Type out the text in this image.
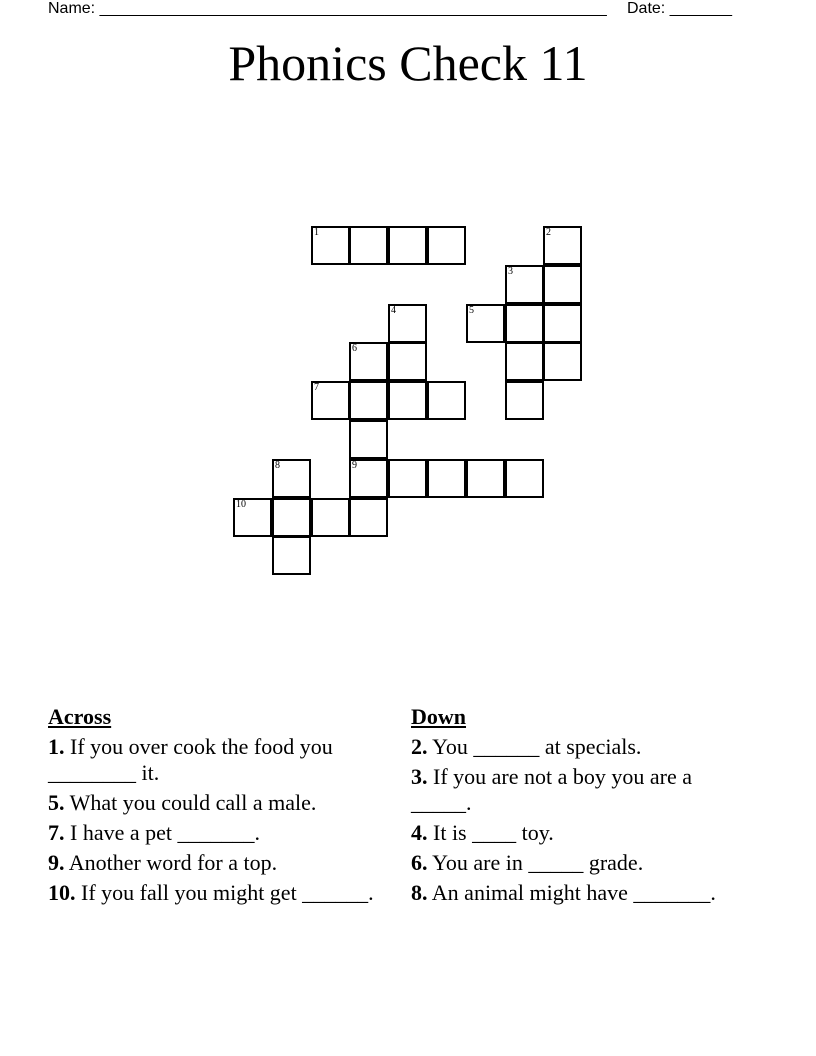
Name: _________________________________________________________ Date: _______
Phonics Check 11
1	2
3
4	5
6
7
8	9
10
Across
1. If you over cook the food you ________ it.
5. What you could call a male.
7. I have a pet _______.
9. Another word for a top.
10. If you fall you might get ______.
Down
2. You ______ at specials.
3. If you are not a boy you are a _____.
4. It is ____ toy.
6. You are in _____ grade.
8. An animal might have _______.
